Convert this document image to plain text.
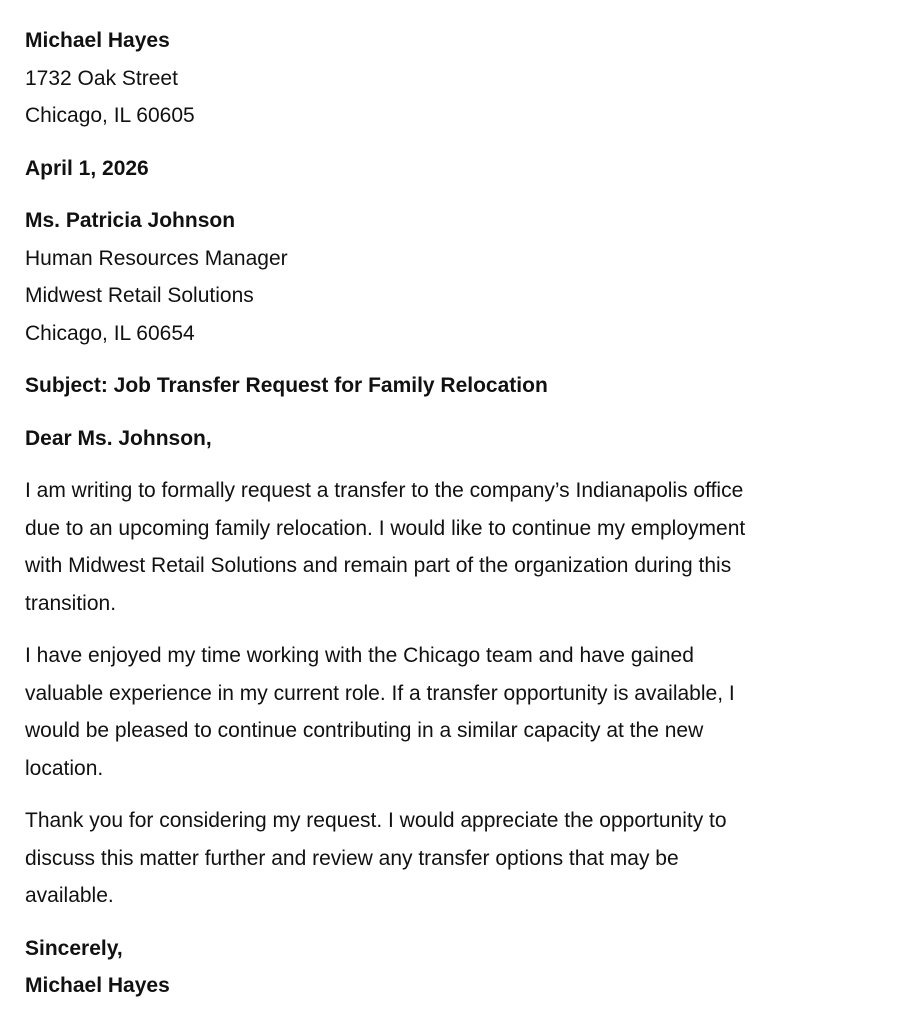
Michael Hayes
1732 Oak Street
Chicago, IL 60605
April 1, 2026
Ms. Patricia Johnson
Human Resources Manager
Midwest Retail Solutions
Chicago, IL 60654
Subject: Job Transfer Request for Family Relocation
Dear Ms. Johnson,
I am writing to formally request a transfer to the company’s Indianapolis office
due to an upcoming family relocation. I would like to continue my employment
with Midwest Retail Solutions and remain part of the organization during this
transition.
I have enjoyed my time working with the Chicago team and have gained
valuable experience in my current role. If a transfer opportunity is available, I
would be pleased to continue contributing in a similar capacity at the new
location.
Thank you for considering my request. I would appreciate the opportunity to
discuss this matter further and review any transfer options that may be
available.
Sincerely,
Michael Hayes
